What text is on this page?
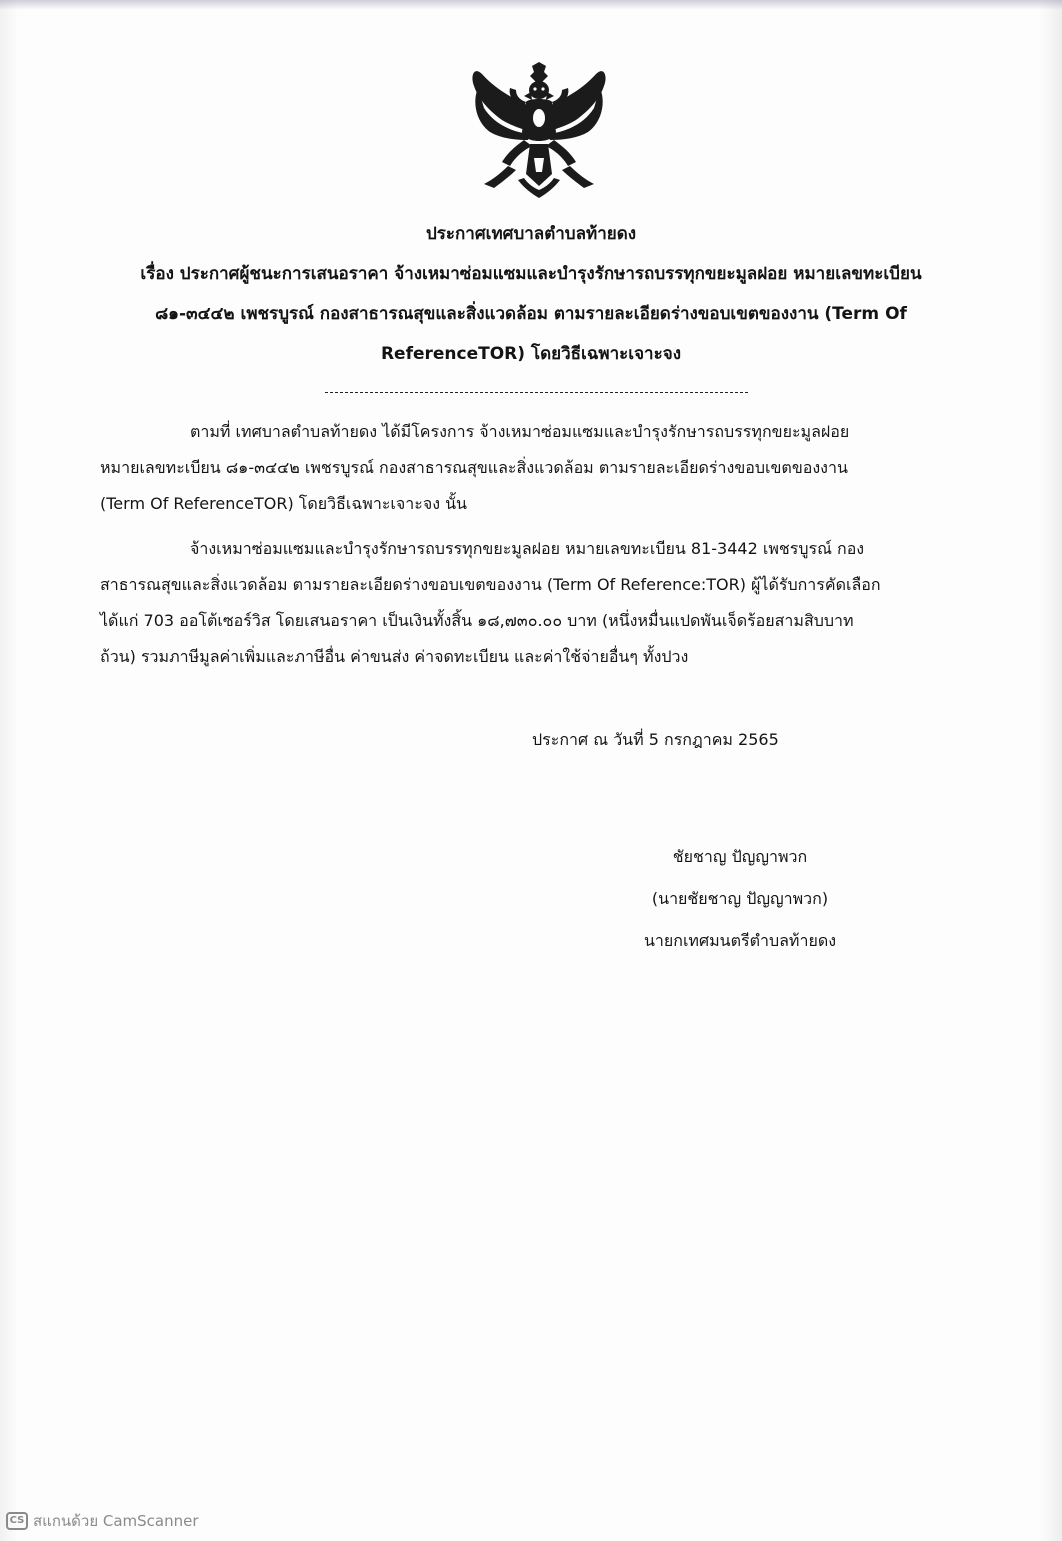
ประกาศเทศบาลตำบลท้ายดง
เรื่อง ประกาศผู้ชนะการเสนอราคา จ้างเหมาซ่อมแซมและบำรุงรักษารถบรรทุกขยะมูลฝอย หมายเลขทะเบียน
๘๑-๓๔๔๒ เพชรบูรณ์ กองสาธารณสุขและสิ่งแวดล้อม ตามรายละเอียดร่างขอบเขตของงาน (Term Of
ReferenceTOR) โดยวิธีเฉพาะเจาะจง
ตามที่ เทศบาลตำบลท้ายดง ได้มีโครงการ จ้างเหมาซ่อมแซมและบำรุงรักษารถบรรทุกขยะมูลฝอย
หมายเลขทะเบียน ๘๑-๓๔๔๒ เพชรบูรณ์ กองสาธารณสุขและสิ่งแวดล้อม ตามรายละเอียดร่างขอบเขตของงาน
(Term Of ReferenceTOR) โดยวิธีเฉพาะเจาะจง นั้น
จ้างเหมาซ่อมแซมและบำรุงรักษารถบรรทุกขยะมูลฝอย หมายเลขทะเบียน 81-3442 เพชรบูรณ์ กอง
สาธารณสุขและสิ่งแวดล้อม ตามรายละเอียดร่างขอบเขตของงาน (Term Of Reference:TOR) ผู้ได้รับการคัดเลือก
ได้แก่ 703 ออโต้เซอร์วิส โดยเสนอราคา เป็นเงินทั้งสิ้น ๑๘,๗๓๐.๐๐ บาท (หนึ่งหมื่นแปดพันเจ็ดร้อยสามสิบบาท
ถ้วน) รวมภาษีมูลค่าเพิ่มและภาษีอื่น ค่าขนส่ง ค่าจดทะเบียน และค่าใช้จ่ายอื่นๆ ทั้งปวง
ประกาศ ณ วันที่ 5 กรกฎาคม 2565
ชัยชาญ ปัญญาพวก
(นายชัยชาญ ปัญญาพวก)
นายกเทศมนตรีตำบลท้ายดง
CS สแกนด้วย CamScanner
